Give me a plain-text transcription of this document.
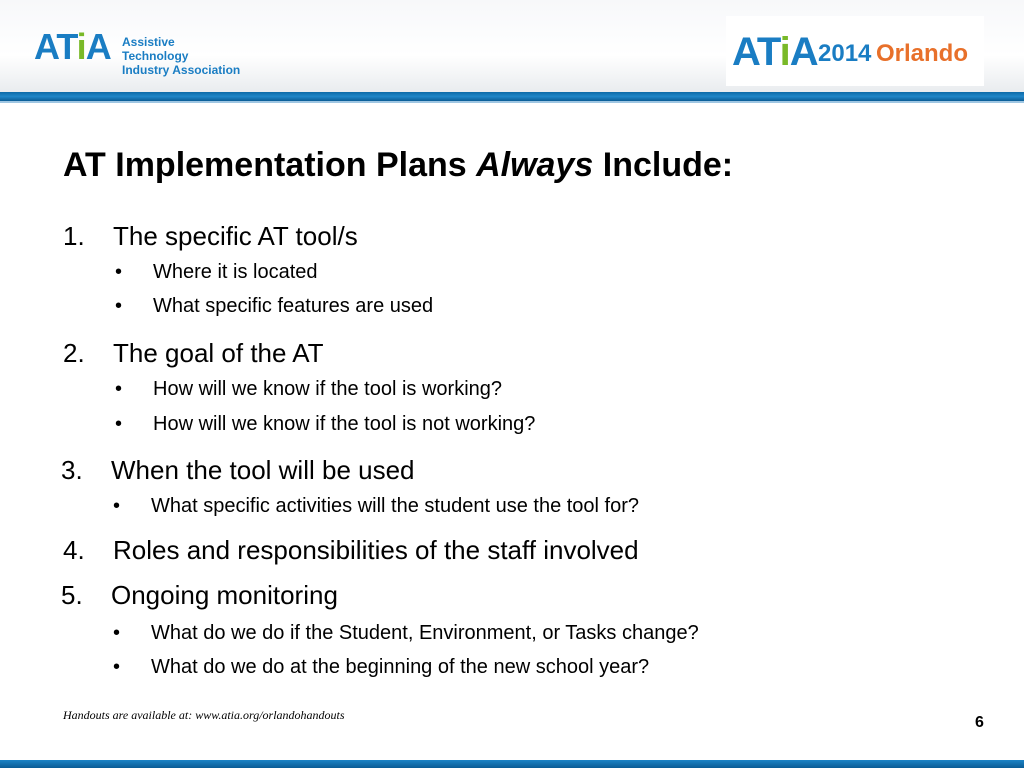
ATiA Assistive Technology
Industry Association	ATiA 2014 Orlando
AT Implementation Plans Always Include:
1. The specific AT tool/s
• Where it is located
• What specific features are used
2. The goal of the AT
• How will we know if the tool is working?
• How will we know if the tool is not working?
3. When the tool will be used
• What specific activities will the student use the tool for?
4. Roles and responsibilities of the staff involved
5. Ongoing monitoring
• What do we do if the Student, Environment, or Tasks change?
• What do we do at the beginning of the new school year?
Handouts are available at: www.atia.org/orlandohandouts	6
